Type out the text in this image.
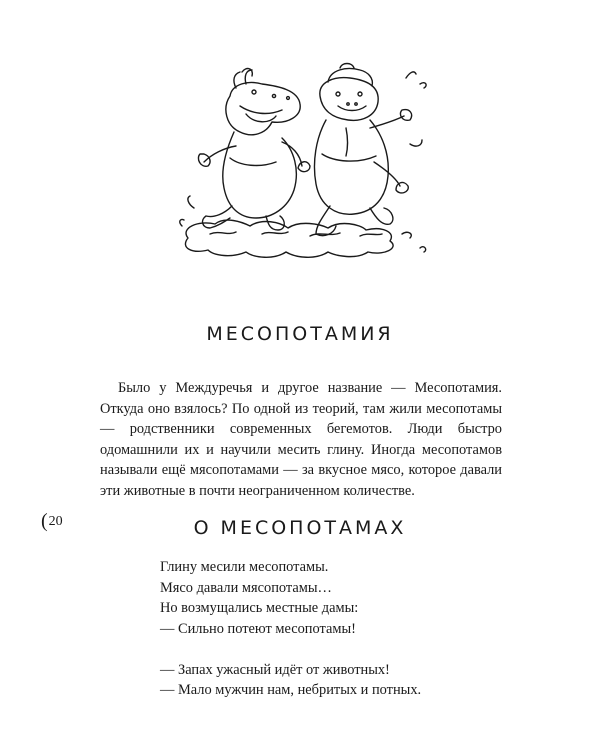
МЕСОПОТАМИЯ

Было у Междуречья и другое название — Месопотамия. Откуда оно взялось? По одной из теорий, там жили месопотамы — родственники современных бегемотов. Люди быстро одомашнили их и научили месить глину. Иногда месопотамов называли ещё мясопотамами — за вкусное мясо, которое давали эти животные в почти неограниченном количестве.

(20	О МЕСОПОТАМАХ
Глину месили месопотамы.
Мясо давали мясопотамы…
Но возмущались местные дамы:
— Сильно потеют месопотамы!
— Запах ужасный идёт от животных!
— Мало мужчин нам, небритых и потных.
